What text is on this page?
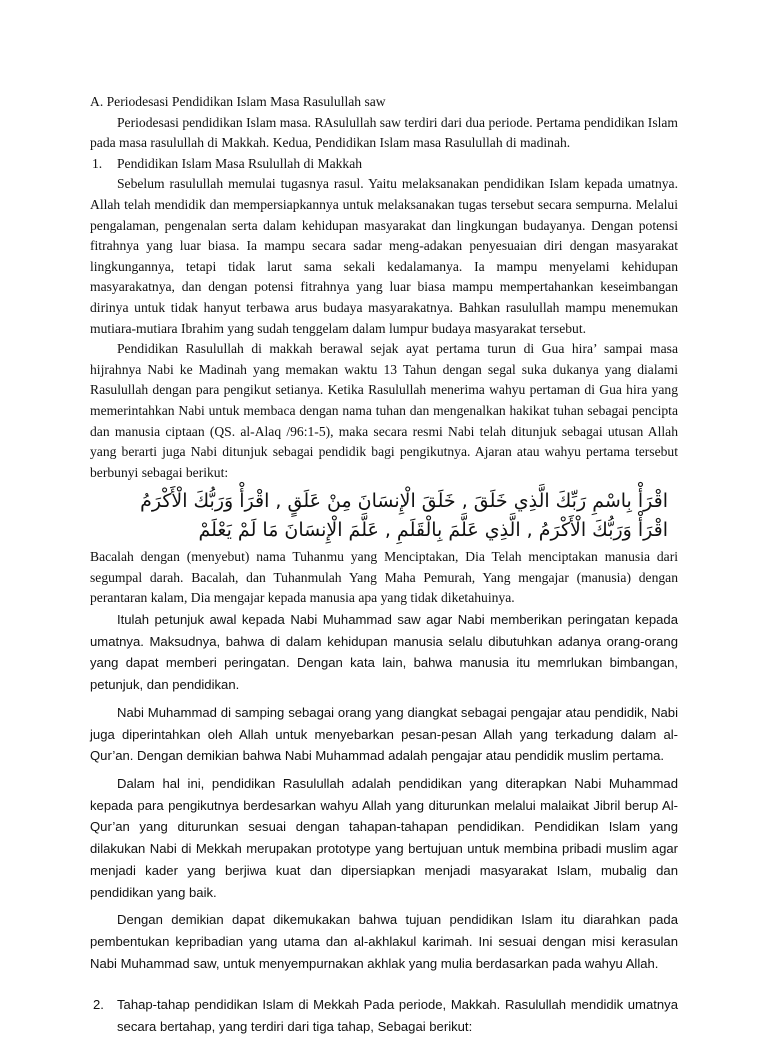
A. Periodesasi Pendidikan Islam Masa Rasulullah saw

Periodesasi pendidikan Islam masa. RAsulullah saw terdiri dari dua periode. Pertama pendidikan Islam pada masa rasulullah di Makkah. Kedua, Pendidikan Islam masa Rasulullah di madinah.

1.	Pendidikan Islam Masa Rsulullah di Makkah

Sebelum rasulullah memulai tugasnya rasul. Yaitu melaksanakan pendidikan Islam kepada umatnya. Allah telah mendidik dan mempersiapkannya untuk melaksanakan tugas tersebut secara sempurna. Melalui pengalaman, pengenalan serta dalam kehidupan masyarakat dan lingkungan budayanya. Dengan potensi fitrahnya yang luar biasa. Ia mampu secara sadar meng-adakan penyesuaian diri dengan masyarakat lingkungannya, tetapi tidak larut sama sekali kedalamanya. Ia mampu menyelami kehidupan masyarakatnya, dan dengan potensi fitrahnya yang luar biasa mampu mempertahankan keseimbangan dirinya untuk tidak hanyut terbawa arus budaya masyarakatnya. Bahkan rasulullah mampu menemukan mutiara-mutiara Ibrahim yang sudah tenggelam dalam lumpur budaya masyarakat tersebut.

Pendidikan Rasulullah di makkah berawal sejak ayat pertama turun di Gua hira’ sampai masa hijrahnya Nabi ke Madinah yang memakan waktu 13 Tahun dengan segal suka dukanya yang dialami Rasulullah dengan para pengikut setianya. Ketika Rasulullah menerima wahyu pertaman di Gua hira yang memerintahkan Nabi untuk membaca dengan nama tuhan dan mengenalkan hakikat tuhan sebagai pencipta dan manusia ciptaan (QS. al-Alaq /96:1-5), maka secara resmi Nabi telah ditunjuk sebagai utusan Allah yang berarti juga Nabi ditunjuk sebagai pendidik bagi pengikutnya. Ajaran atau wahyu pertama tersebut berbunyi sebagai berikut:

اقْرَأْ بِاسْمِ رَبِّكَ الَّذِي خَلَقَ , خَلَقَ الْإِنسَانَ مِنْ عَلَقٍ , اقْرَأْ وَرَبُّكَ الْأَكْرَمُ
اقْرَأْ وَرَبُّكَ الْأَكْرَمُ , الَّذِي عَلَّمَ بِالْقَلَمِ , عَلَّمَ الْإِنسَانَ مَا لَمْ يَعْلَمْ

Bacalah dengan (menyebut) nama Tuhanmu yang Menciptakan, Dia Telah menciptakan manusia dari segumpal darah. Bacalah, dan Tuhanmulah Yang Maha Pemurah, Yang mengajar (manusia) dengan perantaran kalam, Dia mengajar kepada manusia apa yang tidak diketahuinya.

Itulah petunjuk awal kepada Nabi Muhammad saw agar Nabi memberikan peringatan kepada umatnya. Maksudnya, bahwa di dalam kehidupan manusia selalu dibutuhkan adanya orang-orang yang dapat memberi peringatan. Dengan kata lain, bahwa manusia itu memrlukan bimbangan, petunjuk, dan pendidikan.

Nabi Muhammad di samping sebagai orang yang diangkat sebagai pengajar atau pendidik, Nabi juga diperintahkan oleh Allah untuk menyebarkan pesan-pesan Allah yang terkadung dalam al-Qur’an. Dengan demikian bahwa Nabi Muhammad adalah pengajar atau pendidik muslim pertama.

Dalam hal ini, pendidikan Rasulullah adalah pendidikan yang diterapkan Nabi Muhammad kepada para pengikutnya berdesarkan wahyu Allah yang diturunkan melalui malaikat Jibril berup Al-Qur’an yang diturunkan sesuai dengan tahapan-tahapan pendidikan. Pendidikan Islam yang dilakukan Nabi di Mekkah merupakan prototype yang bertujuan untuk membina pribadi muslim agar menjadi kader yang berjiwa kuat dan dipersiapkan menjadi masyarakat Islam, mubalig dan pendidikan yang baik.

Dengan demikian dapat dikemukakan bahwa tujuan pendidikan Islam itu diarahkan pada pembentukan kepribadian yang utama dan al-akhlakul karimah. Ini sesuai dengan misi kerasulan Nabi Muhammad saw, untuk menyempurnakan akhlak yang mulia berdasarkan pada wahyu Allah.

2. Tahap-tahap pendidikan Islam di Mekkah Pada periode, Makkah. Rasulullah mendidik umatnya secara bertahap, yang terdiri dari tiga tahap, Sebagai berikut:
